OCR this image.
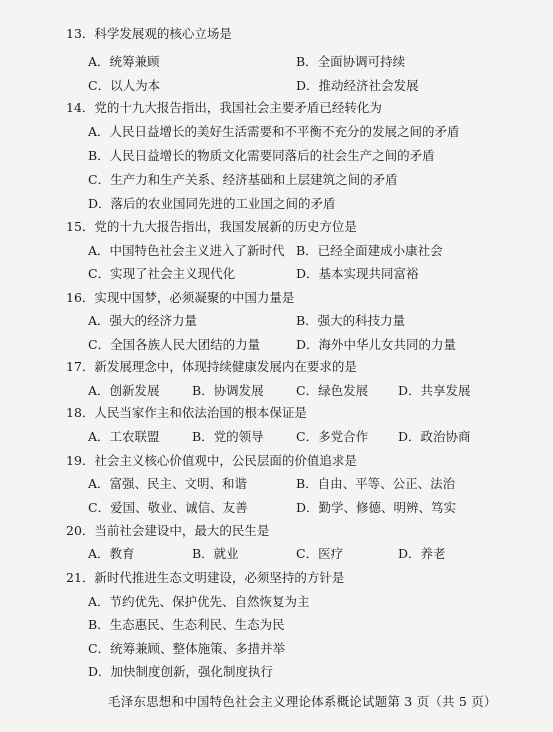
13．科学发展观的核心立场是
A．统筹兼顾	B．全面协调可持续
C．以人为本	D．推动经济社会发展
14．党的十九大报告指出，我国社会主要矛盾已经转化为
A．人民日益增长的美好生活需要和不平衡不充分的发展之间的矛盾
B．人民日益增长的物质文化需要同落后的社会生产之间的矛盾
C．生产力和生产关系、经济基础和上层建筑之间的矛盾
D．落后的农业国同先进的工业国之间的矛盾
15．党的十九大报告指出，我国发展新的历史方位是
A．中国特色社会主义进入了新时代 B．已经全面建成小康社会
C．实现了社会主义现代化	D．基本实现共同富裕
16．实现中国梦，必须凝聚的中国力量是
A．强大的经济力量	B．强大的科技力量
C．全国各族人民大团结的力量	D．海外中华儿女共同的力量
17．新发展理念中，体现持续健康发展内在要求的是
A．创新发展	B．协调发展	C．绿色发展 D．共享发展
18．人民当家作主和依法治国的根本保证是
A．工农联盟	B．党的领导	C．多党合作 D．政治协商
19．社会主义核心价值观中，公民层面的价值追求是
A．富强、民主、文明、和谐	B．自由、平等、公正、法治
C．爱国、敬业、诚信、友善	D．勤学、修德、明辨、笃实
20．当前社会建设中，最大的民生是
A．教育	B．就业	C．医疗	D．养老
21．新时代推进生态文明建设，必须坚持的方针是
A．节约优先、保护优先、自然恢复为主
B．生态惠民、生态利民、生态为民
C．统筹兼顾、整体施策、多措并举
D．加快制度创新，强化制度执行
毛泽东思想和中国特色社会主义理论体系概论试题第 3 页（共 5 页）
